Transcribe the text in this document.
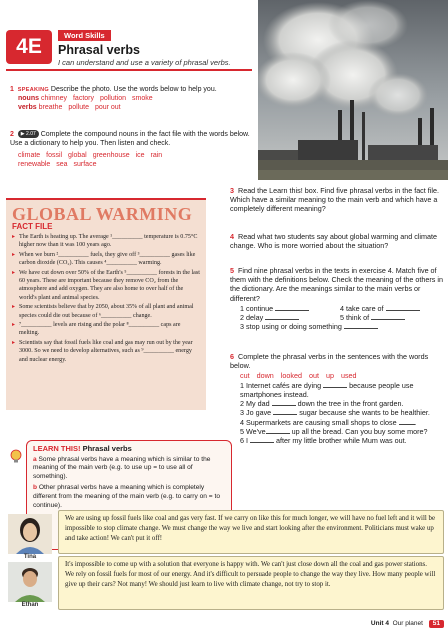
4E	Word Skills
Phrasal verbs
I can understand and use a variety of phrasal verbs.
1 SPEAKING Describe the photo. Use the words below to help you.
nouns chimney factory pollution smoke
verbs breathe pollute pour out
2 ▶ 2.07 Complete the compound nouns in the fact file with the words below. Use a dictionary to help you. Then listen and check.
climate fossil global greenhouse ice rain
renewable sea surface
GLOBAL WARMING
FACT FILE
▸ The Earth is heating up. The average ¹__________ temperature is 0.75°C higher now than it was 100 years ago.
▸ When we burn ²__________ fuels, they give off ³__________ gases like carbon dioxide (CO₂). This causes ⁴__________ warming.
▸ We have cut down over 50% of the Earth's ⁵__________ forests in the last 60 years. These are important because they remove CO₂ from the atmosphere and add oxygen. They are also home to over half of the world's plant and animal species.
▸ Some scientists believe that by 2050, about 35% of all plant and animal species could die out because of ⁶__________ change.
▸ ⁷__________ levels are rising and the polar ⁸__________ caps are melting.
▸ Scientists say that fossil fuels like coal and gas may run out by the year 3000. So we need to develop alternatives, such as ⁹__________ energy and nuclear energy.
LEARN THIS! Phrasal verbs

a Some phrasal verbs have a meaning which is similar to the meaning of the main verb (e.g. to use up = to use all of something).

b Other phrasal verbs have a meaning which is completely different from the meaning of the main verb (e.g. to carry on = to continue).

3 Read the Learn this! box. Find five phrasal verbs in the fact file. Which have a similar meaning to the main verb and which have a completely different meaning?

4 Read what two students say about global warming and climate change. Who is more worried about the situation?

5 Find nine phrasal verbs in the texts in exercise 4. Match five of them with the definitions below. Check the meaning of the others in the dictionary. Are the meanings similar to the main verbs or different?

1 continue	4 take care of
2 delay	5 think of
3 stop using or doing something

6 Complete the phrasal verbs in the sentences with the words below.

cut down looked out up used
1 Internet cafés are dying	because people use smartphones instead.
2 My dad	down the tree in the front garden.
3 Jo gave	sugar because she wants to be healthier.
4 Supermarkets are causing small shops to close	.
5 We've	up all the bread. Can you buy some more?
6 I	after my little brother while Mum was out.
Tina
We are using up fossil fuels like coal and gas very fast. If we carry on like this for much longer, we will have no fuel left and it will be impossible to stop climate change. We must change the way we live and start looking after the environment. Politicians must wake up and take action! We can't put it off!
Ethan
It's impossible to come up with a solution that everyone is happy with. We can't just close down all the coal and gas power stations. We rely on fossil fuels for most of our energy. And it's difficult to persuade people to change the way they live. How many people will give up their cars? Not many! We should just learn to live with climate change, not try to stop it.
Unit 4 Our planet 51
